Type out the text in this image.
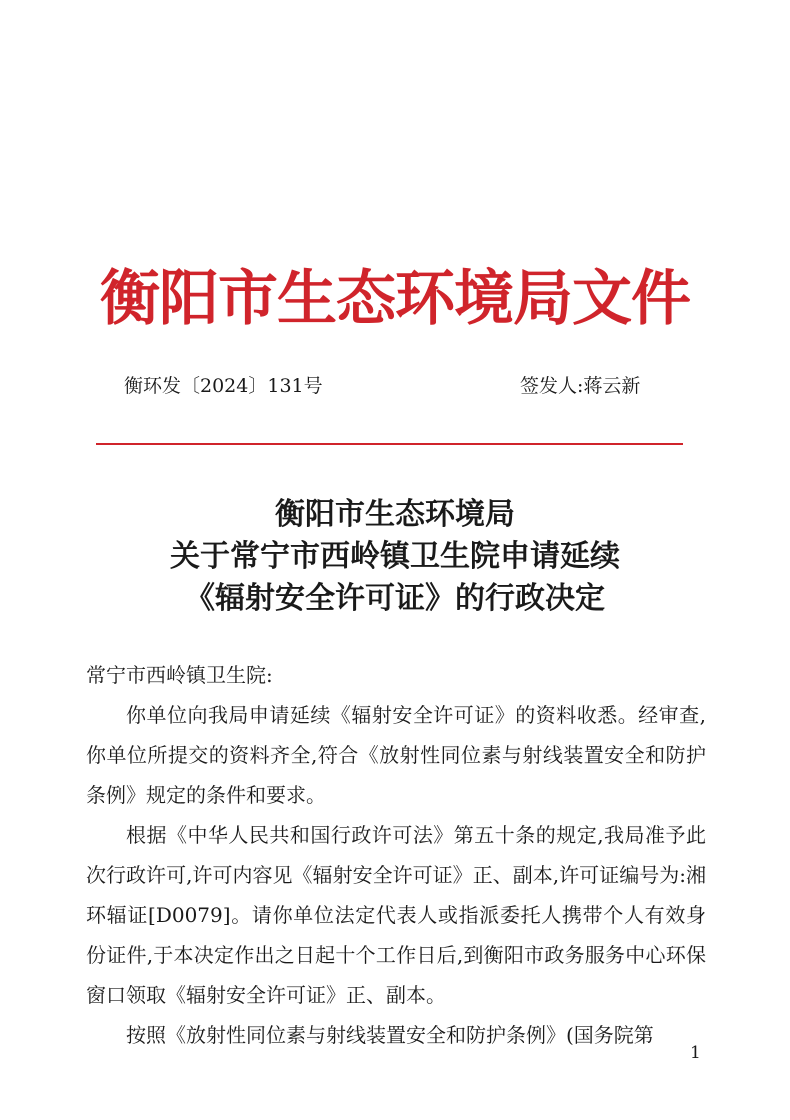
衡阳市生态环境局文件
衡环发〔2024〕131号	签发人:蒋云新
衡阳市生态环境局
关于常宁市西岭镇卫生院申请延续
《辐射安全许可证》的行政决定

常宁市西岭镇卫生院:

你单位向我局申请延续《辐射安全许可证》的资料收悉。经审查,你单位所提交的资料齐全,符合《放射性同位素与射线装置安全和防护条例》规定的条件和要求。

根据《中华人民共和国行政许可法》第五十条的规定,我局准予此次行政许可,许可内容见《辐射安全许可证》正、副本,许可证编号为:湘环辐证[D0079]。请你单位法定代表人或指派委托人携带个人有效身份证件,于本决定作出之日起十个工作日后,到衡阳市政务服务中心环保窗口领取《辐射安全许可证》正、副本。

按照《放射性同位素与射线装置安全和防护条例》(国务院第

1
